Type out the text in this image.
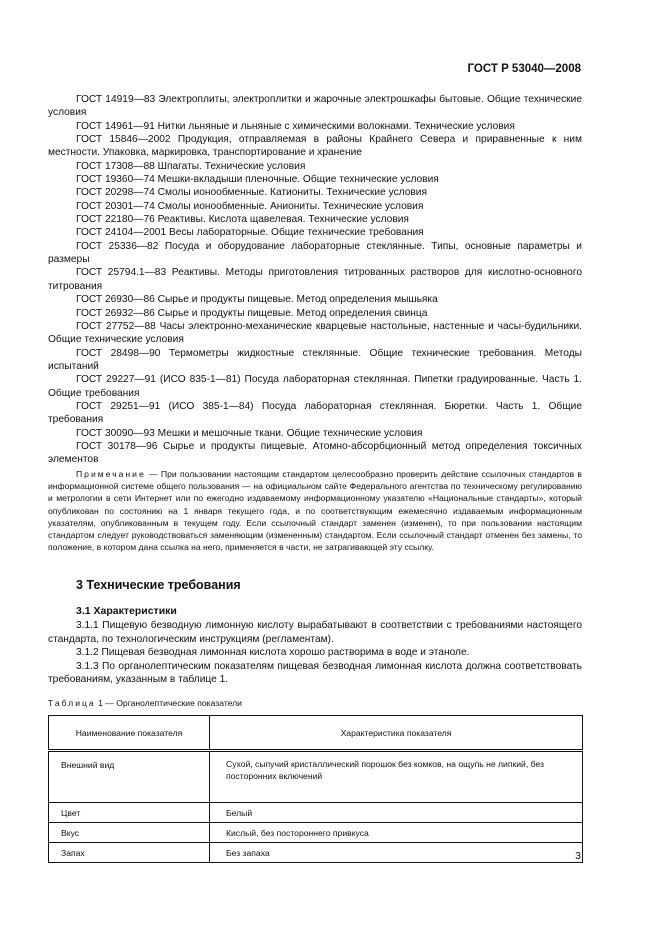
ГОСТ Р 53040—2008

ГОСТ 14919—83 Электроплиты, электроплитки и жарочные электрошкафы бытовые. Общие технические условия

ГОСТ 14961—91 Нитки льняные и льняные с химическими волокнами. Технические условия

ГОСТ 15846—2002 Продукция, отправляемая в районы Крайнего Севера и приравненные к ним местности. Упаковка, маркировка, транспортирование и хранение

ГОСТ 17308—88 Шпагаты. Технические условия

ГОСТ 19360—74 Мешки-вкладыши пленочные. Общие технические условия

ГОСТ 20298—74 Смолы ионообменные. Катиониты. Технические условия

ГОСТ 20301—74 Смолы ионообменные. Аниониты. Технические условия

ГОСТ 22180—76 Реактивы. Кислота щавелевая. Технические условия

ГОСТ 24104—2001 Весы лабораторные. Общие технические требования

ГОСТ 25336—82 Посуда и оборудование лабораторные стеклянные. Типы, основные параметры и размеры

ГОСТ 25794.1—83 Реактивы. Методы приготовления титрованных растворов для кислотно-основного титрования

ГОСТ 26930—86 Сырье и продукты пищевые. Метод определения мышьяка

ГОСТ 26932—86 Сырье и продукты пищевые. Метод определения свинца

ГОСТ 27752—88 Часы электронно-механические кварцевые настольные, настенные и часы-будильники. Общие технические условия

ГОСТ 28498—90 Термометры жидкостные стеклянные. Общие технические требования. Методы испытаний

ГОСТ 29227—91 (ИСО 835-1—81) Посуда лабораторная стеклянная. Пипетки градуированные. Часть 1. Общие требования

ГОСТ 29251—91 (ИСО 385-1—84) Посуда лабораторная стеклянная. Бюретки. Часть 1. Общие требования

ГОСТ 30090—93 Мешки и мешочные ткани. Общие технические условия

ГОСТ 30178—96 Сырье и продукты пищевые. Атомно-абсорбционный метод определения токсичных элементов

Примечание — При пользовании настоящим стандартом целесообразно проверить действие ссылочных стандартов в информационной системе общего пользования — на официальном сайте Федерального агентства по техническому регулированию и метрологии в сети Интернет или по ежегодно издаваемому информационному указателю «Национальные стандарты», который опубликован по состоянию на 1 января текущего года, и по соответствующим ежемесячно издаваемым информационным указателям, опубликованным в текущем году. Если ссылочный стандарт заменен (изменен), то при пользовании настоящим стандартом следует руководствоваться заменяющим (измененным) стандартом. Если ссылочный стандарт отменен без замены, то положение, в котором дана ссылка на него, применяется в части, не затрагивающей эту ссылку.

3 Технические требования
3.1 Характеристики

3.1.1 Пищевую безводную лимонную кислоту вырабатывают в соответствии с требованиями настоящего стандарта, по технологическим инструкциям (регламентам).

3.1.2 Пищевая безводная лимонная кислота хорошо растворима в воде и этаноле.

3.1.3 По органолептическим показателям пищевая безводная лимонная кислота должна соответствовать требованиям, указанным в таблице 1.

Таблица 1 — Органолептические показатели

Наименование показателя	Характеристика показателя
Внешний вид	Сухой, сыпучий кристаллический порошок без комков, на ощупь не липкий, без посторонних включений
Цвет	Белый
Вкус	Кислый, без постороннего привкуса
Запах	Без запаха	3
